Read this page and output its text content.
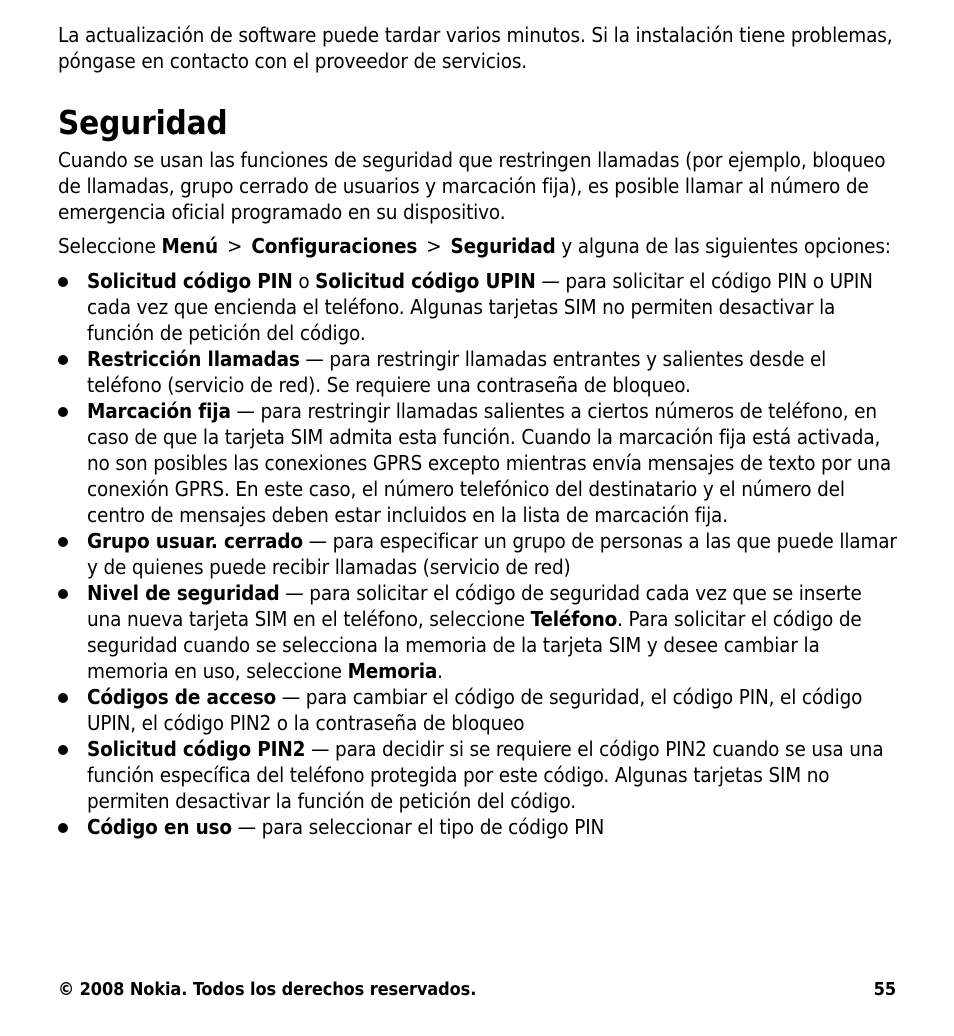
La actualización de software puede tardar varios minutos. Si la instalación tiene problemas, póngase en contacto con el proveedor de servicios.

Seguridad

Cuando se usan las funciones de seguridad que restringen llamadas (por ejemplo, bloqueo de llamadas, grupo cerrado de usuarios y marcación fija), es posible llamar al número de emergencia oficial programado en su dispositivo.

Seleccione Menú > Configuraciones > Seguridad y alguna de las siguientes opciones:

Solicitud código PIN o Solicitud código UPIN — para solicitar el código PIN o UPIN cada vez que encienda el teléfono. Algunas tarjetas SIM no permiten desactivar la función de petición del código.
Restricción llamadas — para restringir llamadas entrantes y salientes desde el teléfono (servicio de red). Se requiere una contraseña de bloqueo.
Marcación fija — para restringir llamadas salientes a ciertos números de teléfono, en caso de que la tarjeta SIM admita esta función. Cuando la marcación fija está activada, no son posibles las conexiones GPRS excepto mientras envía mensajes de texto por una conexión GPRS. En este caso, el número telefónico del destinatario y el número del centro de mensajes deben estar incluidos en la lista de marcación fija.
Grupo usuar. cerrado — para especificar un grupo de personas a las que puede llamar y de quienes puede recibir llamadas (servicio de red)
Nivel de seguridad — para solicitar el código de seguridad cada vez que se inserte una nueva tarjeta SIM en el teléfono, seleccione Teléfono. Para solicitar el código de seguridad cuando se selecciona la memoria de la tarjeta SIM y desee cambiar la memoria en uso, seleccione Memoria.
Códigos de acceso — para cambiar el código de seguridad, el código PIN, el código UPIN, el código PIN2 o la contraseña de bloqueo
Solicitud código PIN2 — para decidir si se requiere el código PIN2 cuando se usa una función específica del teléfono protegida por este código. Algunas tarjetas SIM no permiten desactivar la función de petición del código.
Código en uso — para seleccionar el tipo de código PIN
© 2008 Nokia. Todos los derechos reservados.	55
